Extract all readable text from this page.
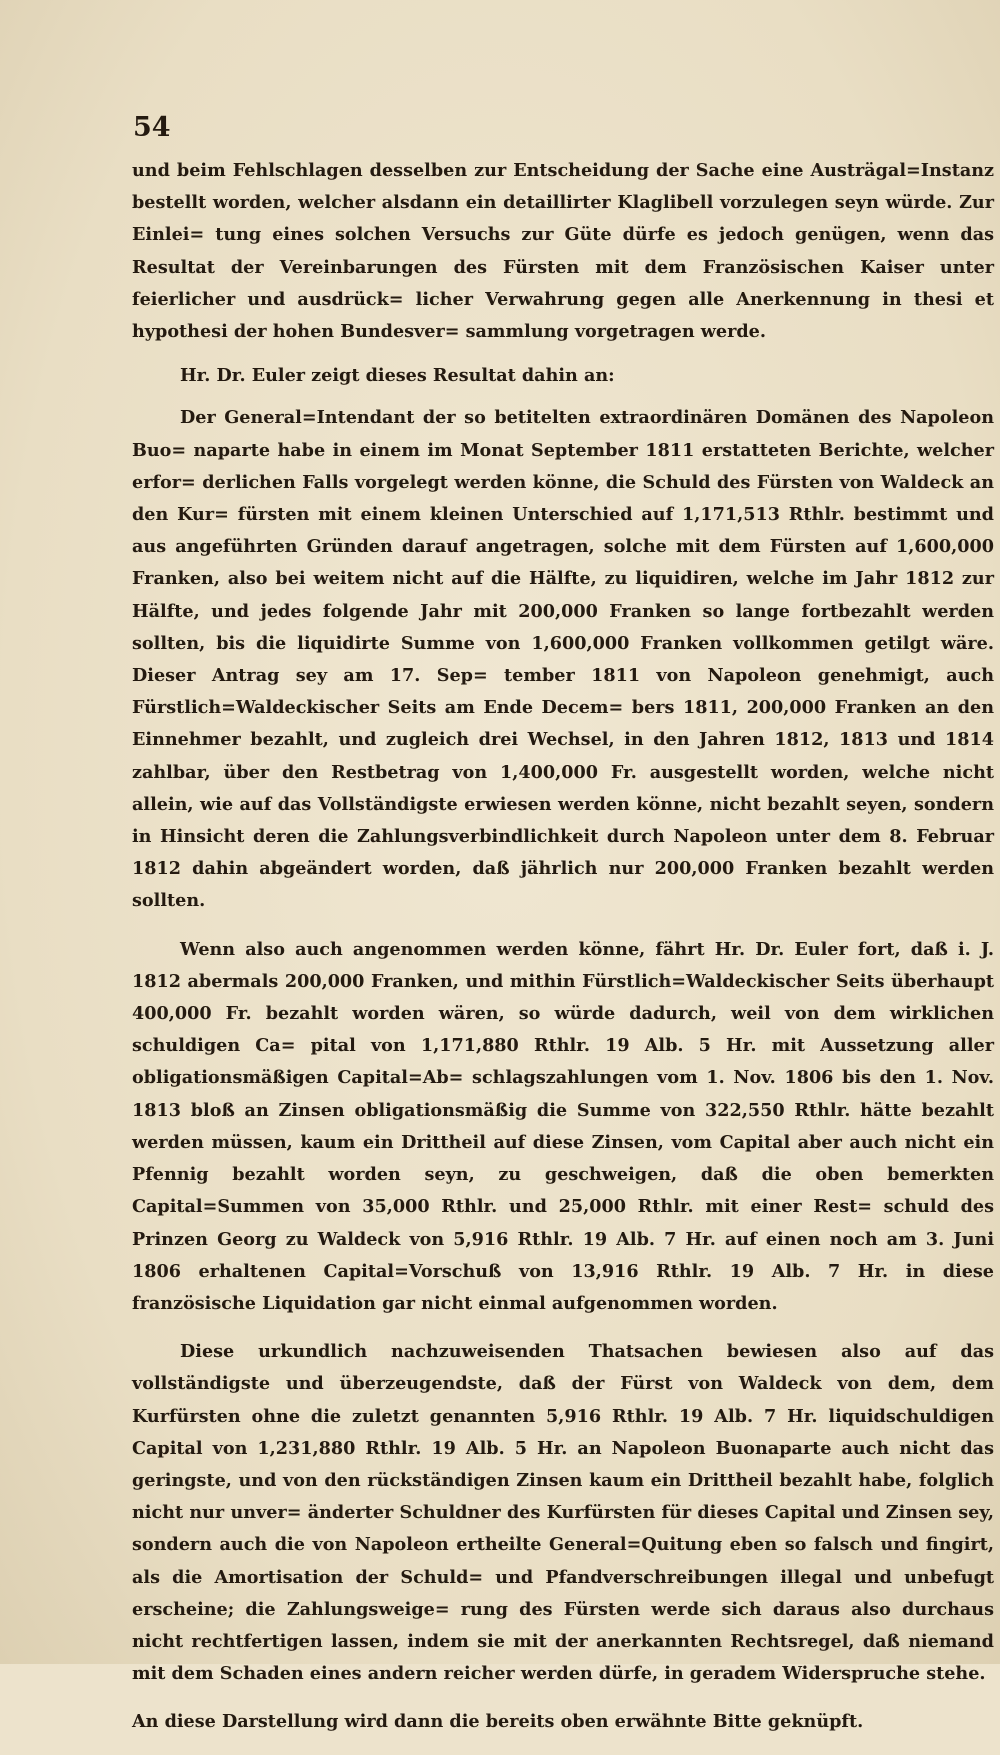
54

und beim Fehlschlagen desselben zur Entscheidung der Sache eine Austrägal=Instanz bestellt worden, welcher alsdann ein detaillirter Klaglibell vorzulegen seyn würde. Zur Einlei= tung eines solchen Versuchs zur Güte dürfe es jedoch genügen, wenn das Resultat der Vereinbarungen des Fürsten mit dem Französischen Kaiser unter feierlicher und ausdrück= licher Verwahrung gegen alle Anerkennung in thesi et hypothesi der hohen Bundesver= sammlung vorgetragen werde.

Hr. Dr. Euler zeigt dieses Resultat dahin an:

Der General=Intendant der so betitelten extraordinären Domänen des Napoleon Buo= naparte habe in einem im Monat September 1811 erstatteten Berichte, welcher erfor= derlichen Falls vorgelegt werden könne, die Schuld des Fürsten von Waldeck an den Kur= fürsten mit einem kleinen Unterschied auf 1,171,513 Rthlr. bestimmt und aus angeführten Gründen darauf angetragen, solche mit dem Fürsten auf 1,600,000 Franken, also bei weitem nicht auf die Hälfte, zu liquidiren, welche im Jahr 1812 zur Hälfte, und jedes folgende Jahr mit 200,000 Franken so lange fortbezahlt werden sollten, bis die liquidirte Summe von 1,600,000 Franken vollkommen getilgt wäre. Dieser Antrag sey am 17. Sep= tember 1811 von Napoleon genehmigt, auch Fürstlich=Waldeckischer Seits am Ende Decem= bers 1811, 200,000 Franken an den Einnehmer bezahlt, und zugleich drei Wechsel, in den Jahren 1812, 1813 und 1814 zahlbar, über den Restbetrag von 1,400,000 Fr. ausgestellt worden, welche nicht allein, wie auf das Vollständigste erwiesen werden könne, nicht bezahlt seyen, sondern in Hinsicht deren die Zahlungsverbindlichkeit durch Napoleon unter dem 8. Februar 1812 dahin abgeändert worden, daß jährlich nur 200,000 Franken bezahlt werden sollten.

Wenn also auch angenommen werden könne, fährt Hr. Dr. Euler fort, daß i. J. 1812 abermals 200,000 Franken, und mithin Fürstlich=Waldeckischer Seits überhaupt 400,000 Fr. bezahlt worden wären, so würde dadurch, weil von dem wirklichen schuldigen Ca= pital von 1,171,880 Rthlr. 19 Alb. 5 Hr. mit Aussetzung aller obligationsmäßigen Capital=Ab= schlagszahlungen vom 1. Nov. 1806 bis den 1. Nov. 1813 bloß an Zinsen obligationsmäßig die Summe von 322,550 Rthlr. hätte bezahlt werden müssen, kaum ein Drittheil auf diese Zinsen, vom Capital aber auch nicht ein Pfennig bezahlt worden seyn, zu geschweigen, daß die oben bemerkten Capital=Summen von 35,000 Rthlr. und 25,000 Rthlr. mit einer Rest= schuld des Prinzen Georg zu Waldeck von 5,916 Rthlr. 19 Alb. 7 Hr. auf einen noch am 3. Juni 1806 erhaltenen Capital=Vorschuß von 13,916 Rthlr. 19 Alb. 7 Hr. in diese französische Liquidation gar nicht einmal aufgenommen worden.

Diese urkundlich nachzuweisenden Thatsachen bewiesen also auf das vollständigste und überzeugendste, daß der Fürst von Waldeck von dem, dem Kurfürsten ohne die zuletzt genannten 5,916 Rthlr. 19 Alb. 7 Hr. liquidschuldigen Capital von 1,231,880 Rthlr. 19 Alb. 5 Hr. an Napoleon Buonaparte auch nicht das geringste, und von den rückständigen Zinsen kaum ein Drittheil bezahlt habe, folglich nicht nur unver= änderter Schuldner des Kurfürsten für dieses Capital und Zinsen sey, sondern auch die von Napoleon ertheilte General=Quitung eben so falsch und fingirt, als die Amortisation der Schuld= und Pfandverschreibungen illegal und unbefugt erscheine; die Zahlungsweige= rung des Fürsten werde sich daraus also durchaus nicht rechtfertigen lassen, indem sie mit der anerkannten Rechtsregel, daß niemand mit dem Schaden eines andern reicher werden dürfe, in geradem Widerspruche stehe.

An diese Darstellung wird dann die bereits oben erwähnte Bitte geknüpft.
